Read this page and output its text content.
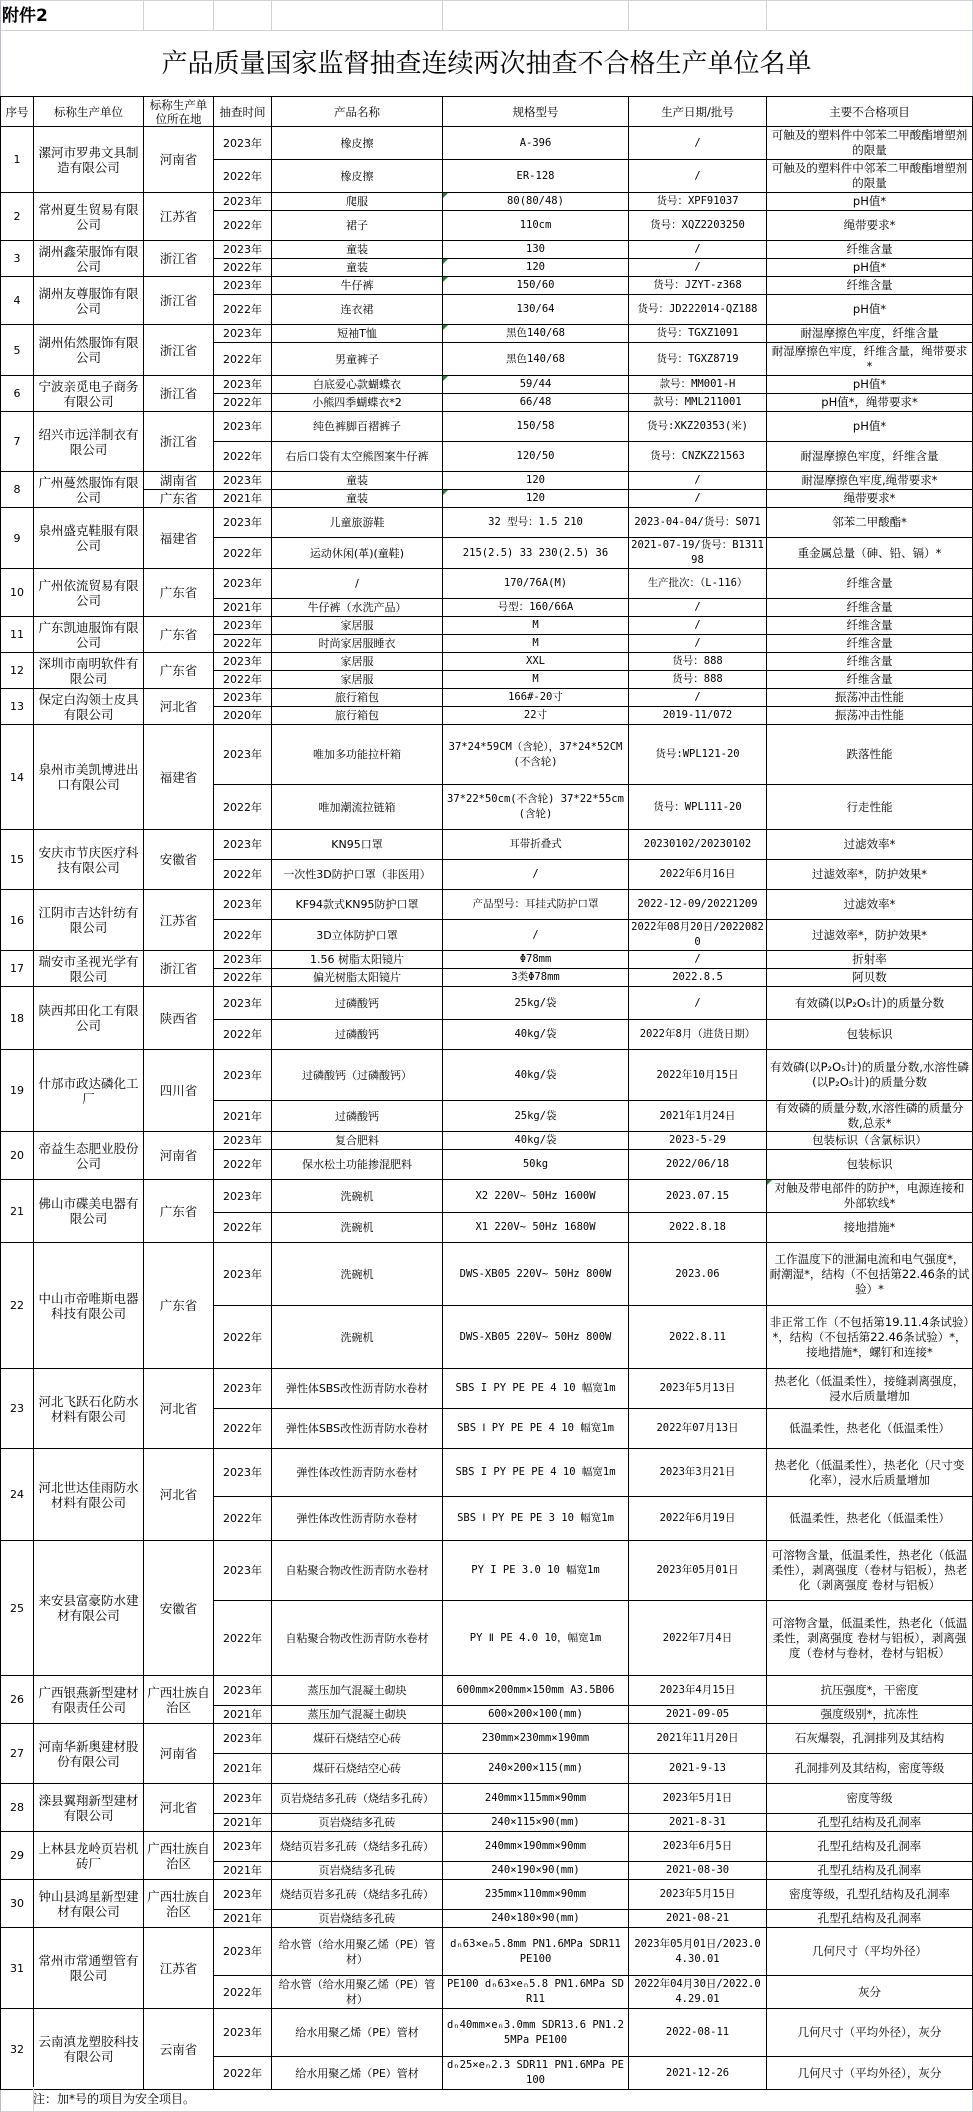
附件2
产品质量国家监督抽查连续两次抽查不合格生产单位名单
序号	标称生产单位	标称生产单位所在地	抽查时间	产品名称	规格型号	生产日期/批号	主要不合格项目
1	漯河市罗弗文具制造有限公司	河南省	2023年	橡皮擦	A-396	/	可触及的塑料件中邻苯二甲酸酯增塑剂的限量
			2022年	橡皮擦	ER-128	/	可触及的塑料件中邻苯二甲酸酯增塑剂的限量
2	常州夏生贸易有限公司	江苏省	2023年	爬服	80(80/48)	货号：XPF91037	pH值*
			2022年	裙子	110cm	货号：XQZ2203250	绳带要求*
3	湖州鑫荣服饰有限公司	浙江省	2023年	童装	130	/	纤维含量
			2022年	童装	120	/	pH值*
4	湖州友尊服饰有限公司	浙江省	2023年	牛仔裤	150/60	货号：JZYT-z368	纤维含量
			2022年	连衣裙	130/64	货号：JD222014-QZ188	pH值*
5	湖州佑然服饰有限公司	浙江省	2023年	短袖T恤	黑色140/68	货号：TGXZ1091	耐湿摩擦色牢度，纤维含量
			2022年	男童裤子	黑色140/68	货号：TGXZ8719	耐湿摩擦色牢度，纤维含量，绳带要求*
6	宁波亲觅电子商务有限公司	浙江省	2023年	白底爱心款蝴蝶衣	59/44	款号：MM001-H	pH值*
			2022年	小熊四季蝴蝶衣*2	66/48	款号：MML211001	pH值*，绳带要求*
7	绍兴市远洋制衣有限公司	浙江省	2023年	纯色裤脚百褶裤子	150/58	货号:XKZ20353(米)	pH值*
			2022年	右后口袋有太空熊图案牛仔裤	120/50	货号：CNZKZ21563	耐湿摩擦色牢度，纤维含量
8	广州蔓然服饰有限公司	湖南省	2023年	童装	120	/	耐湿摩擦色牢度,绳带要求*
		广东省	2021年	童装	120	/	绳带要求*
9	泉州盛克鞋服有限公司	福建省	2023年	儿童旅游鞋	32 型号：1.5 210	2023-04-04/货号：S071	邻苯二甲酸酯*
			2022年	运动休闲(革)(童鞋)	215(2.5) 33 230(2.5) 36	2021-07-19/货号：B131198	重金属总量（砷、铅、镉）*
10	广州依流贸易有限公司	广东省	2023年	/	170/76A(M)	生产批次：（L-116）	纤维含量
			2021年	牛仔裤（水洗产品）	号型：160/66A	/	纤维含量
11	广东凯迪服饰有限公司	广东省	2023年	家居服	M	/	纤维含量
			2022年	时尚家居服睡衣	M	/	纤维含量
12	深圳市南明软件有限公司	广东省	2023年	家居服	XXL	货号：888	纤维含量
			2022年	家居服	M	货号：888	纤维含量
13	保定白沟领士皮具有限公司	河北省	2023年	旅行箱包	166#-20寸	/	振荡冲击性能
			2020年	旅行箱包	22寸	2019-11/072	振荡冲击性能
14	泉州市美凯博进出口有限公司	福建省	2023年	唯加多功能拉杆箱	37*24*59CM（含轮），37*24*52CM(不含轮)	货号:WPL121-20	跌落性能
			2022年	唯加潮流拉链箱	37*22*50cm(不含轮) 37*22*55cm(含轮)	货号：WPL111-20	行走性能
15	安庆市节庆医疗科技有限公司	安徽省	2023年	KN95口罩	耳带折叠式	20230102/20230102	过滤效率*
			2022年	一次性3D防护口罩（非医用）	/	2022年6月16日	过滤效率*，防护效果*
16	江阴市吉达针纺有限公司	江苏省	2023年	KF94款式KN95防护口罩	产品型号：耳挂式防护口罩	2022-12-09/20221209	过滤效率*
			2022年	3D立体防护口罩	/	2022年08月20日/20220820	过滤效率*，防护效果*
17	瑞安市圣视光学有限公司	浙江省	2023年	1.56 树脂太阳镜片	Φ78mm	/	折射率
			2022年	偏光树脂太阳镜片	3类Φ78mm	2022.8.5	阿贝数
18	陕西邦田化工有限公司	陕西省	2023年	过磷酸钙	25kg/袋	/	有效磷(以P₂O₅计)的质量分数
			2022年	过磷酸钙	40kg/袋	2022年8月（进货日期）	包装标识
19	什邡市政达磷化工厂	四川省	2023年	过磷酸钙（过磷酸钙）	40kg/袋	2022年10月15日	有效磷(以P₂O₅计)的质量分数,水溶性磷(以P₂O₅计)的质量分数
			2021年	过磷酸钙	25kg/袋	2021年1月24日	有效磷的质量分数,水溶性磷的质量分数,总汞*
20	帝益生态肥业股份公司	河南省	2023年	复合肥料	40kg/袋	2023-5-29	包装标识（含氯标识）
			2022年	保水松土功能掺混肥料	50kg	2022/06/18	包装标识
21	佛山市碟美电器有限公司	广东省	2023年	洗碗机	X2 220V~ 50Hz 1600W	2023.07.15	对触及带电部件的防护*，电源连接和外部软线*
			2022年	洗碗机	X1 220V~ 50Hz 1680W	2022.8.18	接地措施*
22	中山市帝唯斯电器科技有限公司	广东省	2023年	洗碗机	DWS-XB05 220V~ 50Hz 800W	2023.06	工作温度下的泄漏电流和电气强度*，耐潮湿*，结构（不包括第22.46条的试验）*
			2022年	洗碗机	DWS-XB05 220V~ 50Hz 800W	2022.8.11	非正常工作（不包括第19.11.4条试验）*，结构（不包括第22.46条试验）*，接地措施*，螺钉和连接*
23	河北飞跃石化防水材料有限公司	河北省	2023年	弹性体SBS改性沥青防水卷材	SBS I PY PE PE 4 10 幅宽1m	2023年5月13日	热老化（低温柔性），接缝剥离强度，浸水后质量增加
			2022年	弹性体SBS改性沥青防水卷材	SBS Ⅰ PY PE PE 4 10 幅宽1m	2022年07月13日	低温柔性，热老化（低温柔性）
24	河北世达佳雨防水材料有限公司	河北省	2023年	弹性体改性沥青防水卷材	SBS I PY PE PE 4 10 幅宽1m	2023年3月21日	热老化（低温柔性），热老化（尺寸变化率），浸水后质量增加
			2022年	弹性体改性沥青防水卷材	SBS Ⅰ PY PE PE 3 10 幅宽1m	2022年6月19日	低温柔性，热老化（低温柔性）
25	来安县富豪防水建材有限公司	安徽省	2023年	自粘聚合物改性沥青防水卷材	PY I PE 3.0 10 幅宽1m	2023年05月01日	可溶物含量，低温柔性，热老化（低温柔性），剥离强度（卷材与铝板），热老化（剥离强度 卷材与铝板）
			2022年	自粘聚合物改性沥青防水卷材	PY Ⅱ PE 4.0 10，幅宽1m	2022年7月4日	可溶物含量，低温柔性，热老化（低温柔性，剥离强度 卷材与铝板），剥离强度（卷材与卷材，卷材与铝板）
26	广西银燕新型建材有限责任公司	广西壮族自治区	2023年	蒸压加气混凝土砌块	600mm×200mm×150mm A3.5B06	2023年4月15日	抗压强度*，干密度
			2021年	蒸压加气混凝土砌块	600×200×100(mm)	2021-09-05	强度级别*，抗冻性
27	河南华新奥建材股份有限公司	河南省	2023年	煤矸石烧结空心砖	230mm×230mm×190mm	2021年11月20日	石灰爆裂，孔洞排列及其结构
			2021年	煤矸石烧结空心砖	240×200×115(mm)	2021-9-13	孔洞排列及其结构，密度等级
28	滦县翼翔新型建材有限公司	河北省	2023年	页岩烧结多孔砖（烧结多孔砖）	240mm×115mm×90mm	2023年5月1日	密度等级
			2021年	页岩烧结多孔砖	240×115×90(mm)	2021-8-31	孔型孔结构及孔洞率
29	上林县龙岭页岩机砖厂	广西壮族自治区	2023年	烧结页岩多孔砖（烧结多孔砖）	240mm×190mm×90mm	2023年6月5日	孔型孔结构及孔洞率
			2021年	页岩烧结多孔砖	240×190×90(mm)	2021-08-30	孔型孔结构及孔洞率
30	钟山县鸿星新型建材有限公司	广西壮族自治区	2023年	烧结页岩多孔砖（烧结多孔砖）	235mm×110mm×90mm	2023年5月15日	密度等级，孔型孔结构及孔洞率
			2021年	页岩烧结多孔砖	240×180×90(mm)	2021-08-21	孔型孔结构及孔洞率
31	常州市常通塑管有限公司	江苏省	2023年	给水管（给水用聚乙烯（PE）管材）	dₙ63×eₙ5.8mm PN1.6MPa SDR11 PE100	2023年05月01日/2023.04.30.01	几何尺寸（平均外径）
			2022年	给水管（给水用聚乙烯（PE）管材）	PE100 dₙ63×eₙ5.8 PN1.6MPa SDR11	2022年04月30日/2022.04.29.01	灰分
32	云南滇龙塑胶科技有限公司	云南省	2023年	给水用聚乙烯（PE）管材	dₙ40mm×eₙ3.0mm SDR13.6 PN1.25MPa PE100	2022-08-11	几何尺寸（平均外径），灰分
			2022年	给水用聚乙烯（PE）管材	dₙ25×eₙ2.3 SDR11 PN1.6MPa PE100	2021-12-26	几何尺寸（平均外径），灰分
注：加*号的项目为安全项目。
